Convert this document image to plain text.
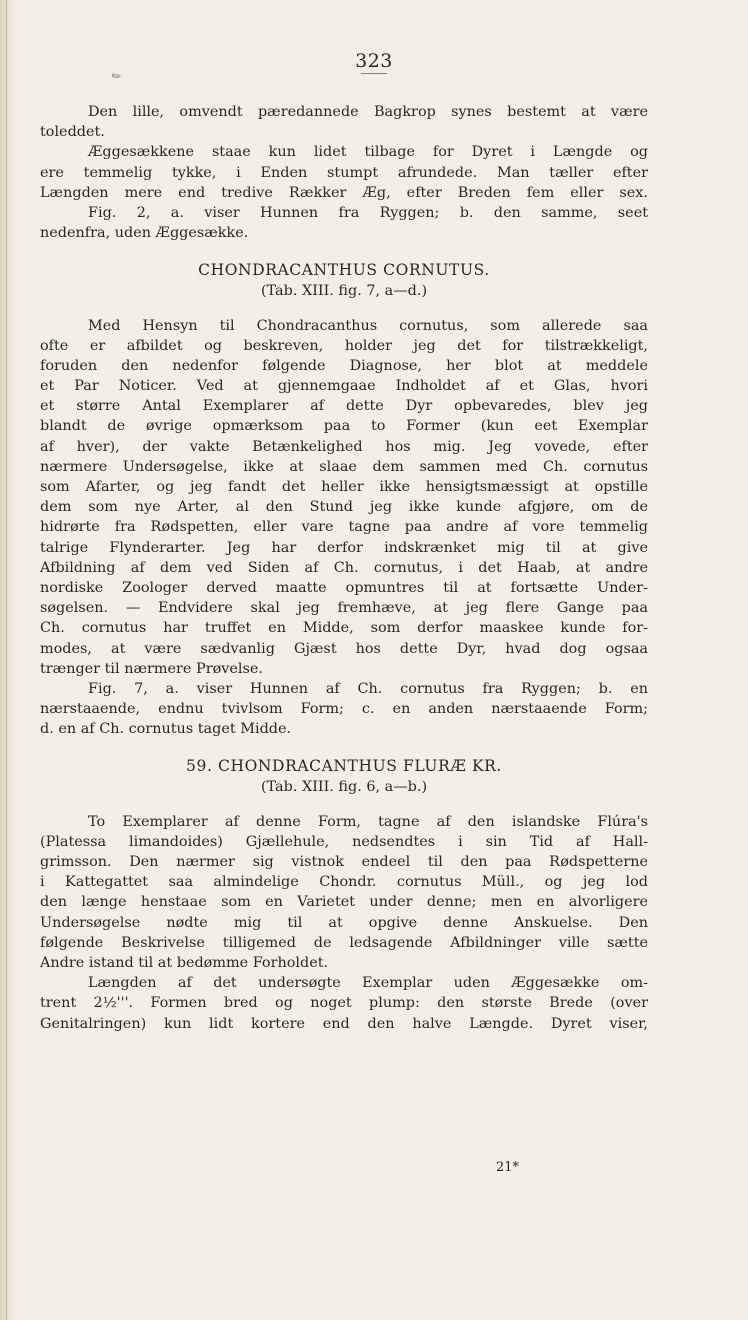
323
✎
Den lille, omvendt pæredannede Bagkrop synes bestemt at være
toleddet.
Æggesækkene staae kun lidet tilbage for Dyret i Længde og
ere temmelig tykke, i Enden stumpt afrundede. Man tæller efter
Længden mere end tredive Rækker Æg, efter Breden fem eller sex.
Fig. 2, a. viser Hunnen fra Ryggen; b. den samme, seet
nedenfra, uden Æggesække.
CHONDRACANTHUS CORNUTUS.
(Tab. XIII. fig. 7, a—d.)
Med Hensyn til Chondracanthus cornutus, som allerede saa
ofte er afbildet og beskreven, holder jeg det for tilstrækkeligt,
foruden den nedenfor følgende Diagnose, her blot at meddele
et Par Noticer. Ved at gjennemgaae Indholdet af et Glas, hvori
et større Antal Exemplarer af dette Dyr opbevaredes, blev jeg
blandt de øvrige opmærksom paa to Former (kun eet Exemplar
af hver), der vakte Betænkelighed hos mig. Jeg vovede, efter
nærmere Undersøgelse, ikke at slaae dem sammen med Ch. cornutus
som Afarter, og jeg fandt det heller ikke hensigtsmæssigt at opstille
dem som nye Arter, al den Stund jeg ikke kunde afgjøre, om de
hidrørte fra Rødspetten, eller vare tagne paa andre af vore temmelig
talrige Flynderarter. Jeg har derfor indskrænket mig til at give
Afbildning af dem ved Siden af Ch. cornutus, i det Haab, at andre
nordiske Zoologer derved maatte opmuntres til at fortsætte Under-
søgelsen. — Endvidere skal jeg fremhæve, at jeg flere Gange paa
Ch. cornutus har truffet en Midde, som derfor maaskee kunde for-
modes, at være sædvanlig Gjæst hos dette Dyr, hvad dog ogsaa
trænger til nærmere Prøvelse.
Fig. 7, a. viser Hunnen af Ch. cornutus fra Ryggen; b. en
nærstaaende, endnu tvivlsom Form; c. en anden nærstaaende Form;
d. en af Ch. cornutus taget Midde.
59. CHONDRACANTHUS FLURÆ KR.
(Tab. XIII. fig. 6, a—b.)
To Exemplarer af denne Form, tagne af den islandske Flúra's
(Platessa limandoides) Gjællehule, nedsendtes i sin Tid af Hall-
grimsson. Den nærmer sig vistnok endeel til den paa Rødspetterne
i Kattegattet saa almindelige Chondr. cornutus Müll., og jeg lod
den længe henstaae som en Varietet under denne; men en alvorligere
Undersøgelse nødte mig til at opgive denne Anskuelse. Den
følgende Beskrivelse tilligemed de ledsagende Afbildninger ville sætte
Andre istand til at bedømme Forholdet.
Længden af det undersøgte Exemplar uden Æggesække om-
trent 2½'''. Formen bred og noget plump: den største Brede (over
Genitalringen) kun lidt kortere end den halve Længde. Dyret viser,
21*
